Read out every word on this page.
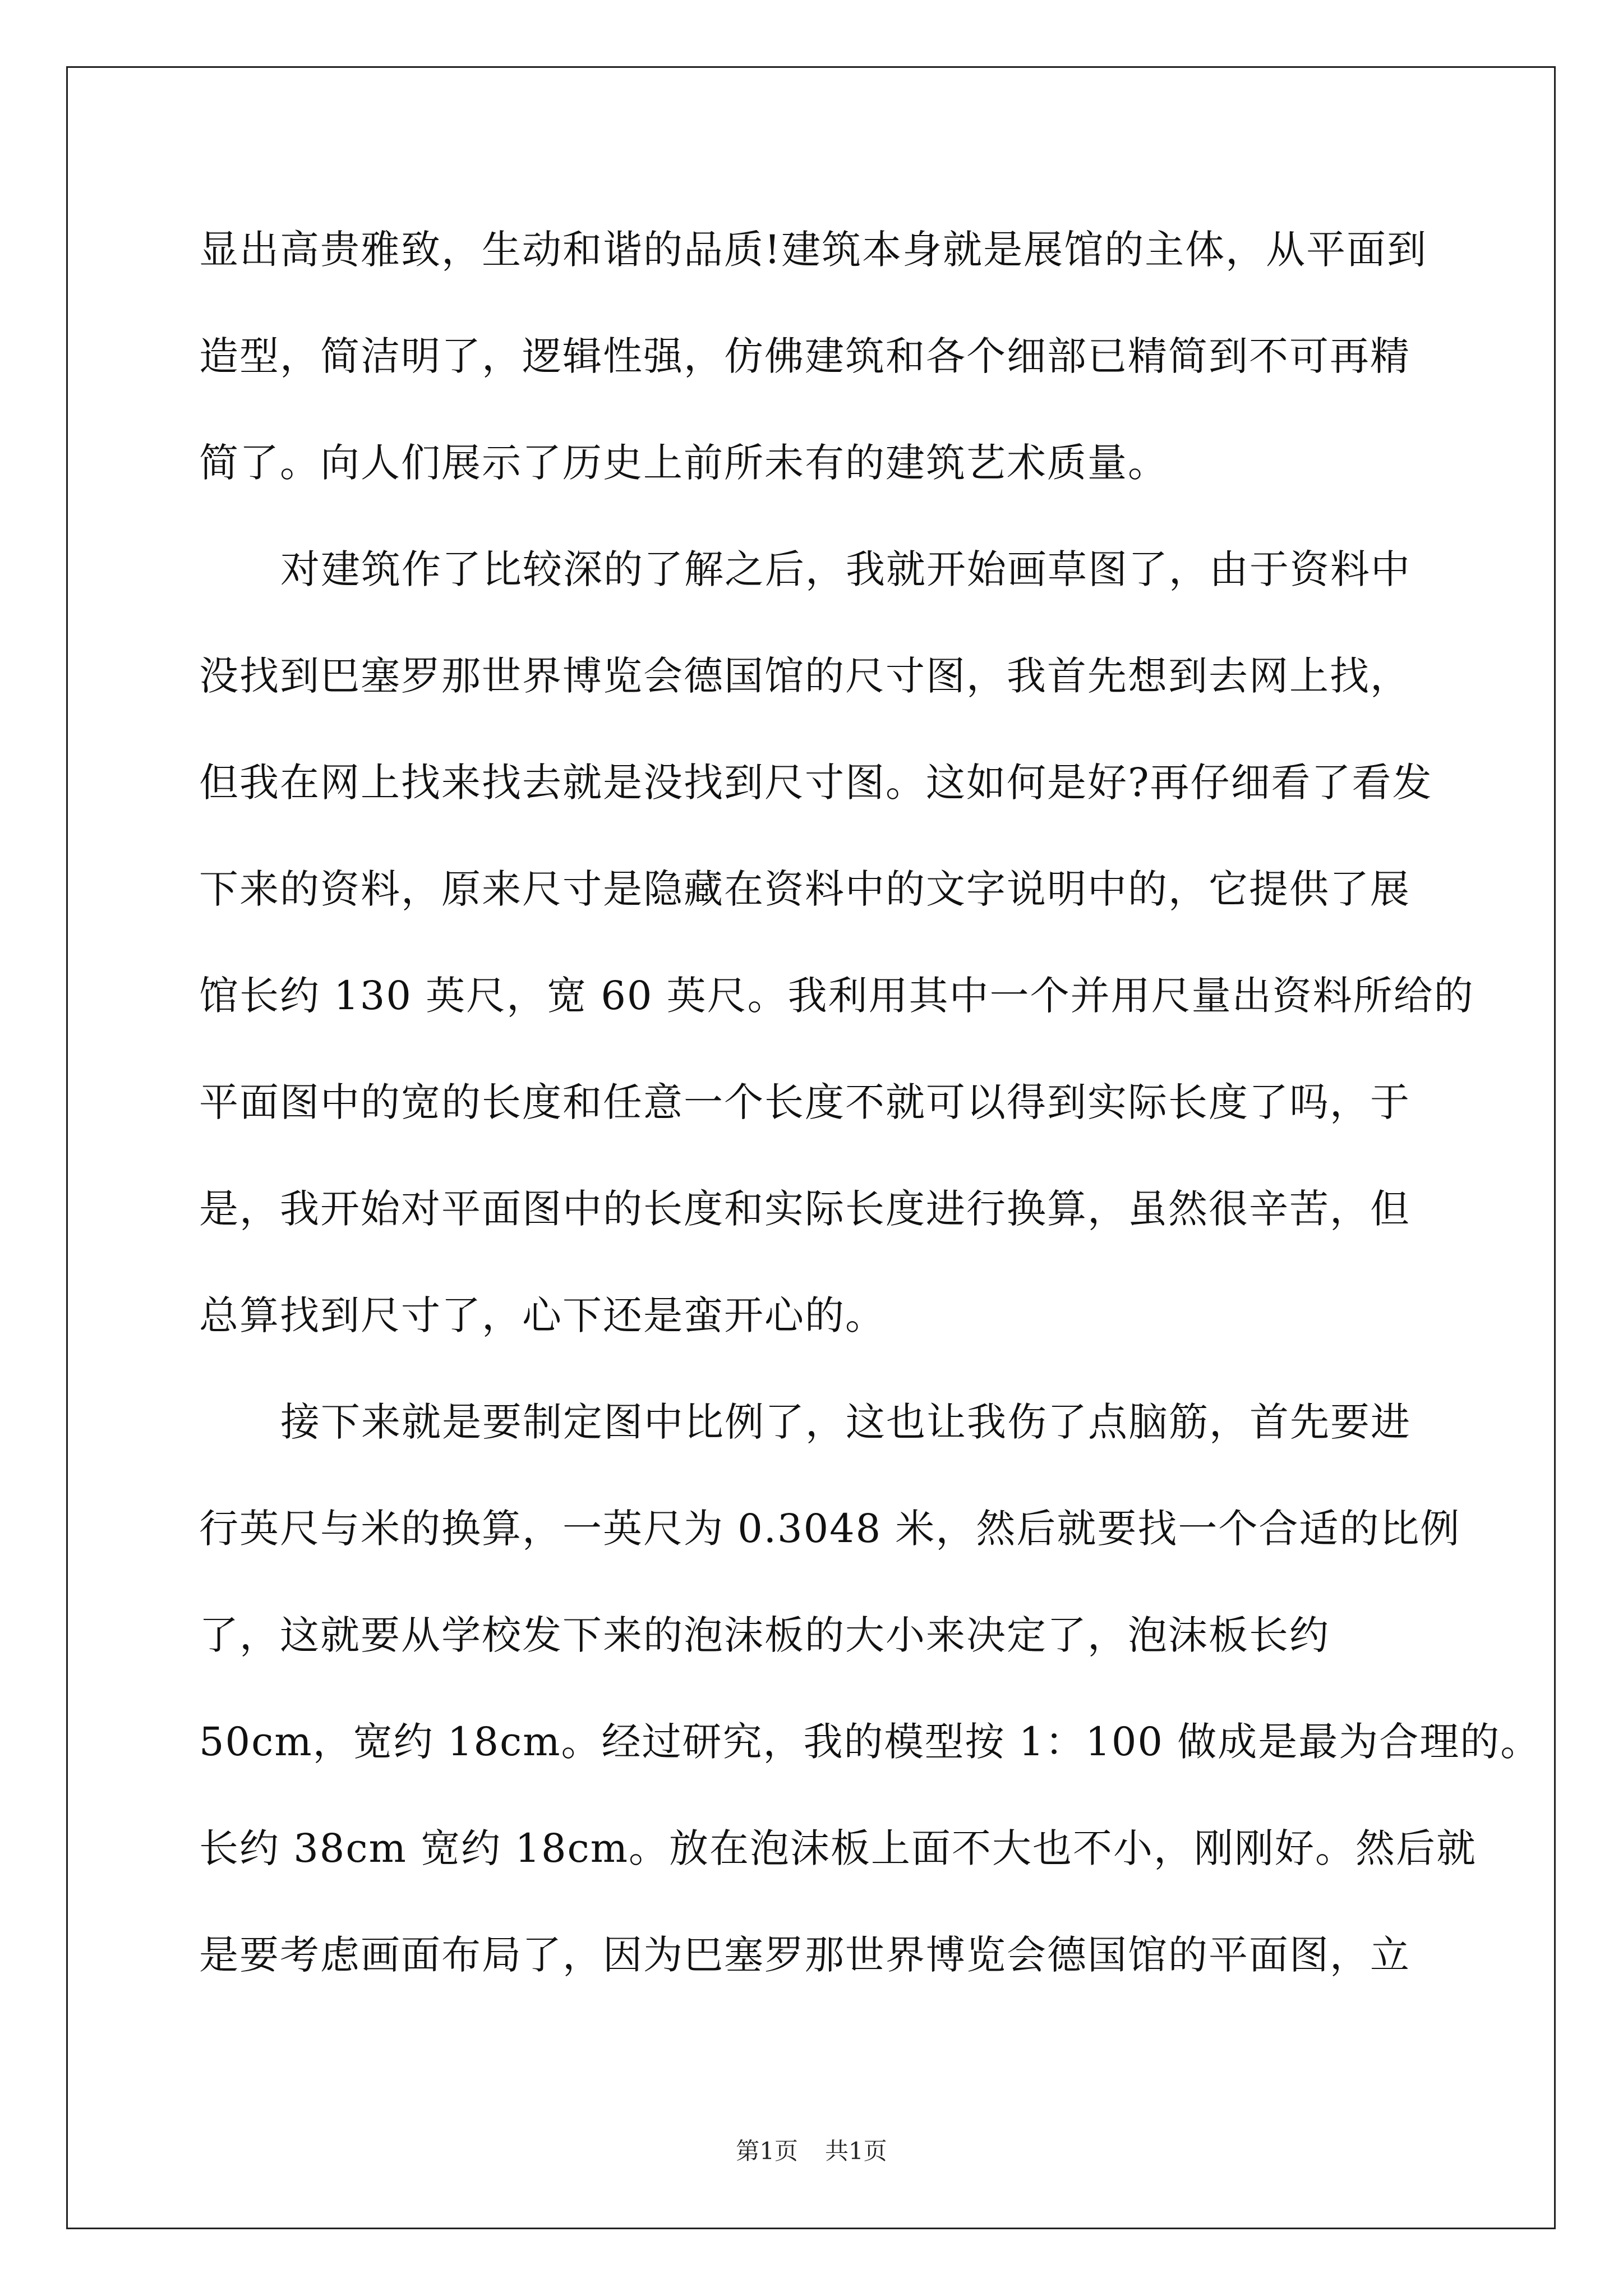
显出高贵雅致，生动和谐的品质!建筑本身就是展馆的主体，从平面到
造型，简洁明了，逻辑性强，仿佛建筑和各个细部已精简到不可再精
简了。向人们展示了历史上前所未有的建筑艺术质量。
对建筑作了比较深的了解之后，我就开始画草图了，由于资料中
没找到巴塞罗那世界博览会德国馆的尺寸图，我首先想到去网上找，
但我在网上找来找去就是没找到尺寸图。这如何是好?再仔细看了看发
下来的资料，原来尺寸是隐藏在资料中的文字说明中的，它提供了展
馆长约 130 英尺，宽 60 英尺。我利用其中一个并用尺量出资料所给的
平面图中的宽的长度和任意一个长度不就可以得到实际长度了吗，于
是，我开始对平面图中的长度和实际长度进行换算，虽然很辛苦，但
总算找到尺寸了，心下还是蛮开心的。
接下来就是要制定图中比例了，这也让我伤了点脑筋，首先要进
行英尺与米的换算，一英尺为 0.3048 米，然后就要找一个合适的比例
了，这就要从学校发下来的泡沫板的大小来决定了，泡沫板长约
50cm，宽约 18cm。经过研究，我的模型按 1：100 做成是最为合理的。
长约 38cm 宽约 18cm。放在泡沫板上面不大也不小，刚刚好。然后就
是要考虑画面布局了，因为巴塞罗那世界博览会德国馆的平面图，立
第1页 共1页
